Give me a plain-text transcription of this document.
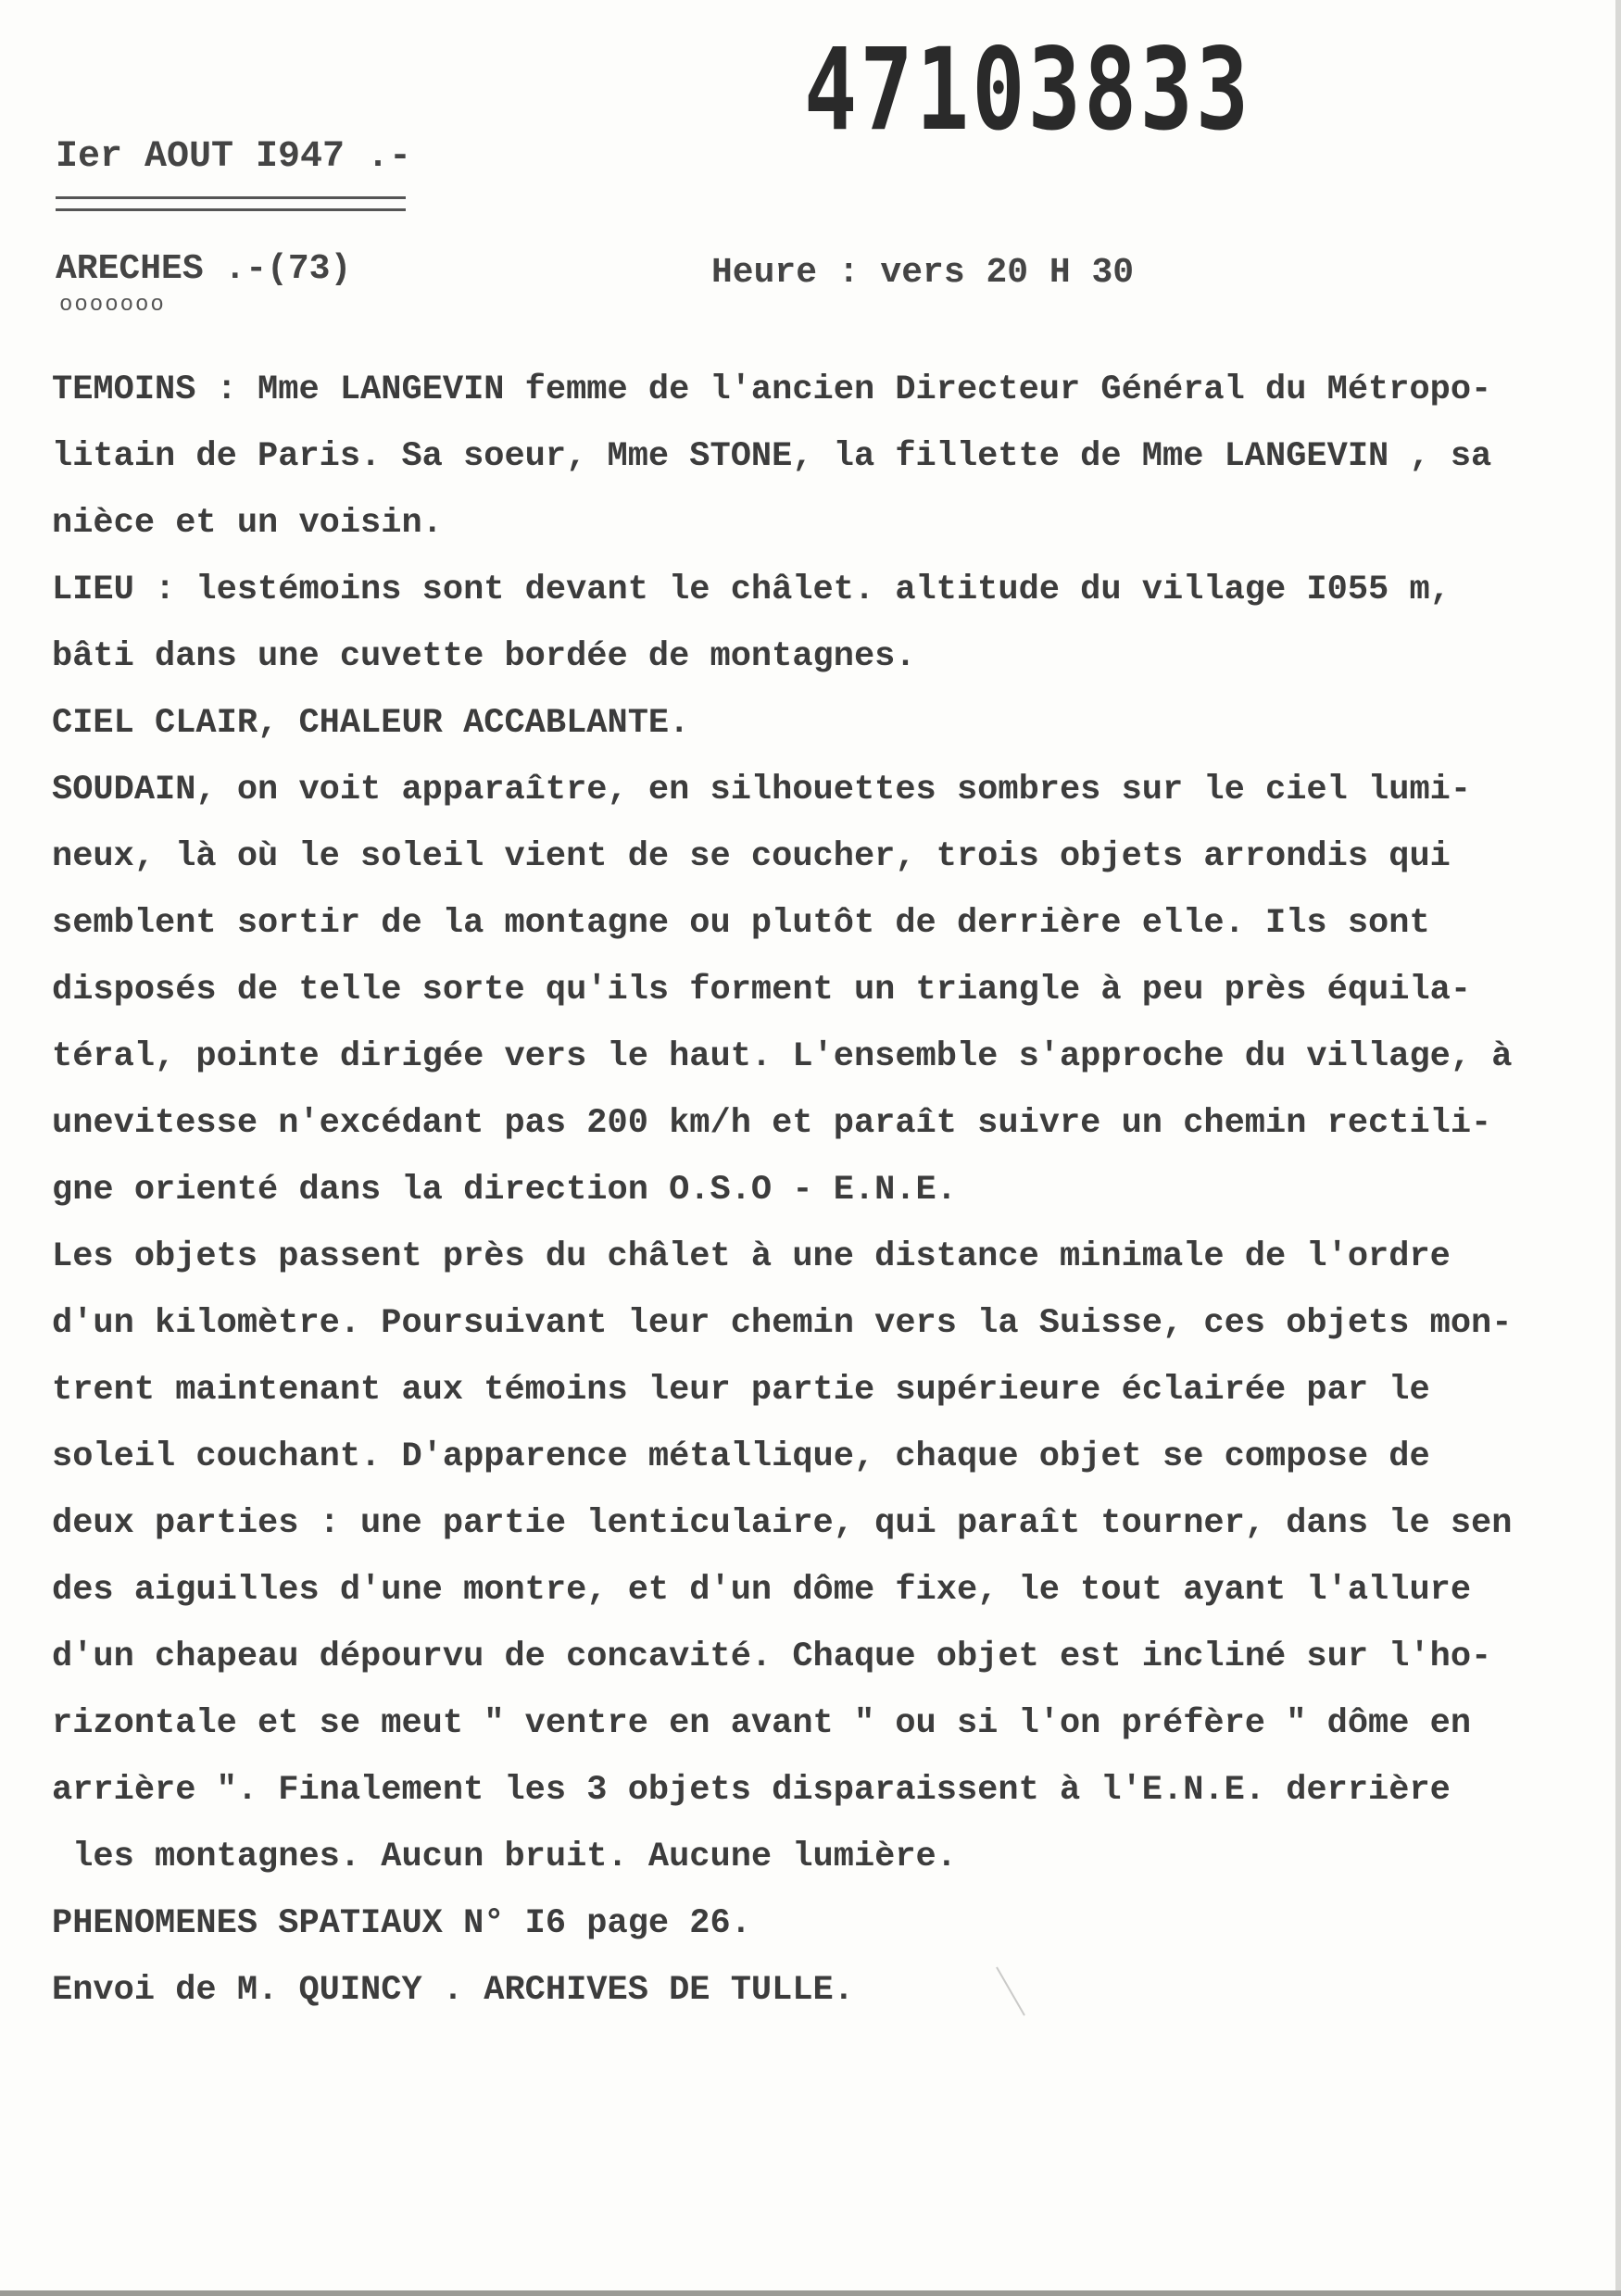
47103833
Ier AOUT I947 .-
ARECHES .-(73)
ooooooo
Heure : vers 20 H 30
TEMOINS : Mme LANGEVIN femme de l'ancien Directeur Général du Métropo-
litain de Paris. Sa soeur, Mme STONE, la fillette de Mme LANGEVIN , sa
nièce et un voisin.
LIEU : lestémoins sont devant le châlet. altitude du village I055 m,
bâti dans une cuvette bordée de montagnes.
CIEL CLAIR, CHALEUR ACCABLANTE.
SOUDAIN, on voit apparaître, en silhouettes sombres sur le ciel lumi-
neux, là où le soleil vient de se coucher, trois objets arrondis qui
semblent sortir de la montagne ou plutôt de derrière elle. Ils sont
disposés de telle sorte qu'ils forment un triangle à peu près équila-
téral, pointe dirigée vers le haut. L'ensemble s'approche du village, à
unevitesse n'excédant pas 200 km/h et paraît suivre un chemin rectili-
gne orienté dans la direction O.S.O - E.N.E.
Les objets passent près du châlet à une distance minimale de l'ordre
d'un kilomètre. Poursuivant leur chemin vers la Suisse, ces objets mon-
trent maintenant aux témoins leur partie supérieure éclairée par le
soleil couchant. D'apparence métallique, chaque objet se compose de
deux parties : une partie lenticulaire, qui paraît tourner, dans le sen
des aiguilles d'une montre, et d'un dôme fixe, le tout ayant l'allure
d'un chapeau dépourvu de concavité. Chaque objet est incliné sur l'ho-
rizontale et se meut " ventre en avant " ou si l'on préfère " dôme en
arrière ". Finalement les 3 objets disparaissent à l'E.N.E. derrière
les montagnes. Aucun bruit. Aucune lumière.
PHENOMENES SPATIAUX N° I6 page 26.
Envoi de M. QUINCY . ARCHIVES DE TULLE.
